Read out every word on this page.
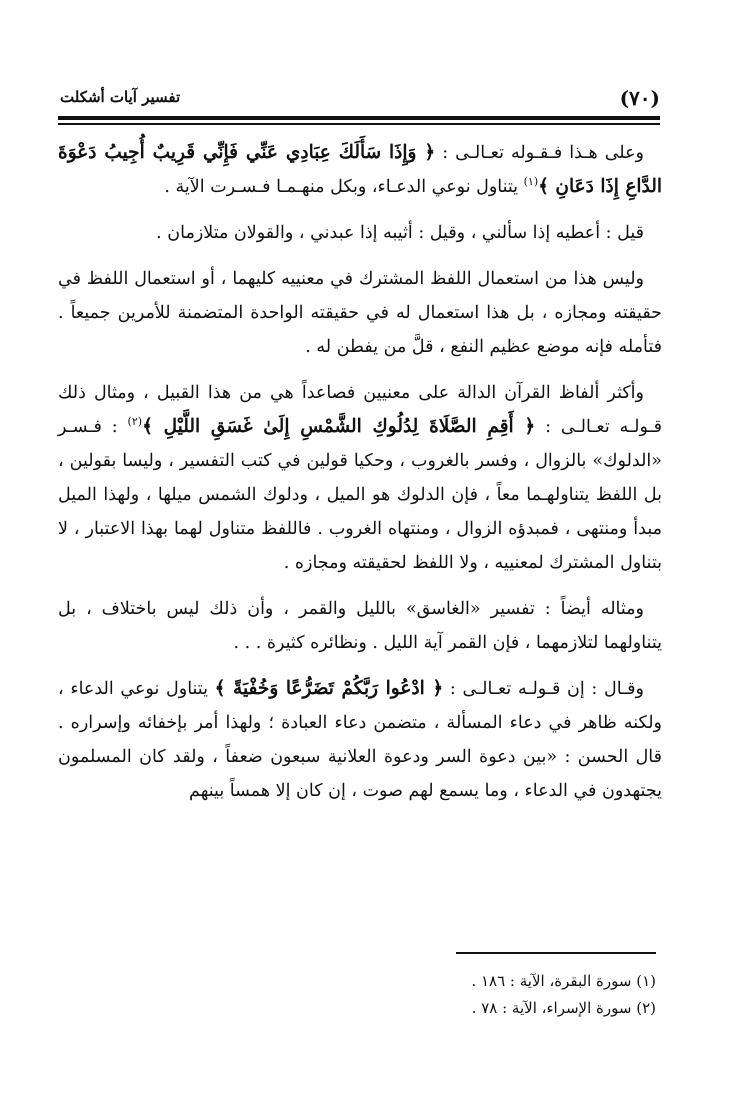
(٧٠)
تفسير آيات أشكلت

وعلى هـذا فـقـوله تعـالـى : ﴿ وَإِذَا سَأَلَكَ عِبَادِي عَنِّي فَإِنِّي قَرِيبٌ أُجِيبُ دَعْوَةَ الدَّاعِ إِذَا دَعَانِ ﴾$^{(١)}$ يتناول نوعي الدعـاء، وبكل منهـمـا فـسـرت الآية .

قيل : أعطيه إذا سألني ، وقيل : أثيبه إذا عبدني ، والقولان متلازمان .

وليس هذا من استعمال اللفظ المشترك في معنييه كليهما ، أو استعمال اللفظ في حقيقته ومجازه ، بل هذا استعمال له في حقيقته الواحدة المتضمنة للأمرين جميعاً . فتأمله فإنه موضع عظيم النفع ، قلَّ من يفطن له .

وأكثر ألفاظ القرآن الدالة على معنيين فصاعداً هي من هذا القبيل ، ومثال ذلك قـولـه تعـالـى : ﴿ أَقِمِ الصَّلَاةَ لِدُلُوكِ الشَّمْسِ إِلَىٰ غَسَقِ اللَّيْلِ ﴾$^{(٢)}$ : فـسـر «الدلوك» بالزوال ، وفسر بالغروب ، وحكيا قولين في كتب التفسير ، وليسا بقولين ، بل اللفظ يتناولهـما معاً ، فإن الدلوك هو الميل ، ودلوك الشمس ميلها ، ولهذا الميل مبدأ ومنتهى ، فمبدؤه الزوال ، ومنتهاه الغروب . فاللفظ متناول لهما بهذا الاعتبار ، لا بتناول المشترك لمعنييه ، ولا اللفظ لحقيقته ومجازه .

ومثاله أيضاً : تفسير «الغاسق» بالليل والقمر ، وأن ذلك ليس باختلاف ، بل يتناولهما لتلازمهما ، فإن القمر آية الليل . ونظائره كثيرة . . .

وقـال : إن قـولـه تعـالـى : ﴿ ادْعُوا رَبَّكُمْ تَضَرُّعًا وَخُفْيَةً ﴾ يتناول نوعي الدعاء ، ولكنه ظاهر في دعاء المسألة ، متضمن دعاء العبادة ؛ ولهذا أمر بإخفائه وإسراره . قال الحسن : «بين دعوة السر ودعوة العلانية سبعون ضعفاً ، ولقد كان المسلمون يجتهدون في الدعاء ، وما يسمع لهم صوت ، إن كان إلا همساً بينهم

(١) سورة البقرة، الآية : ١٨٦ .

(٢) سورة الإسراء، الآية : ٧٨ .
